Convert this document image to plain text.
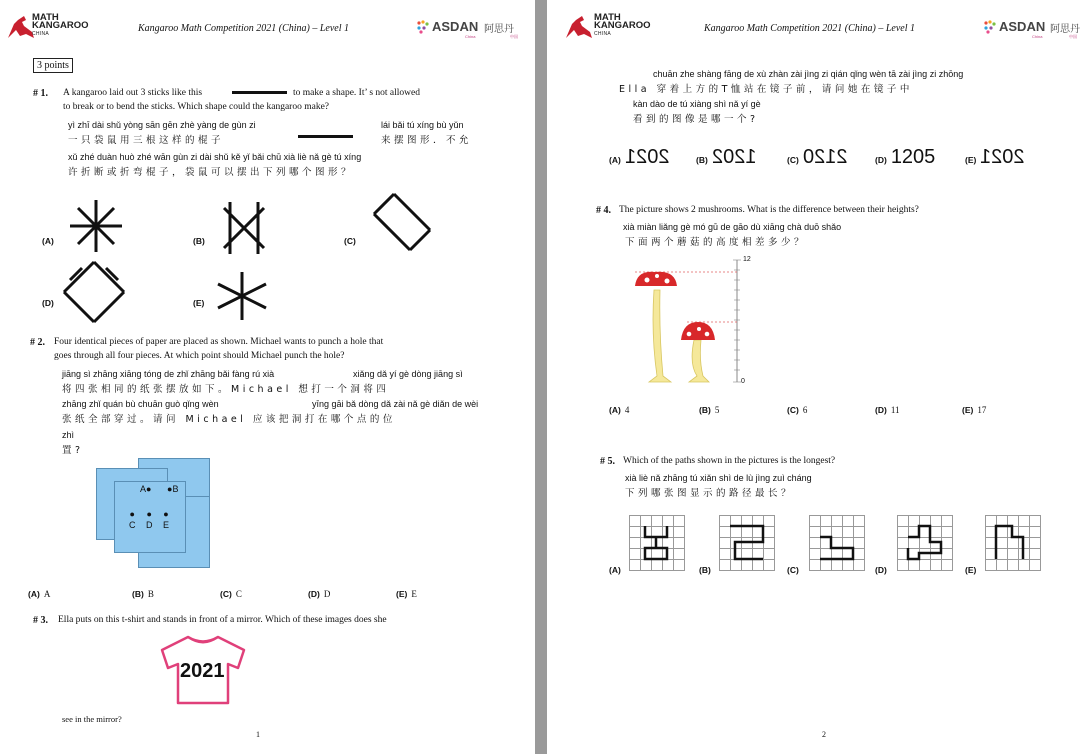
MATH
KANGAROO
CHINA	Kangaroo Math Competition 2021 (China) – Level 1	ASDAN 阿思丹
China	中国
3 points
# 1. A kangaroo laid out 3 sticks like this	to make a shape. It’ s not allowed
to break or to bend the sticks. Which shape could the kangaroo make?
yì zhī dài shǔ yòng sān gēn zhè yàng de gùn zi	lái bǎi tú xíng bù yǔn
一只袋鼠用三根这样的棍子	来摆图形．不允
xǔ zhé duàn huò zhé wān gùn zi dài shǔ kě yǐ bǎi chū xià liè nǎ gè tú xíng
许折断或折弯棍子，袋鼠可以摆出下列哪个图形？
(A)	(B)	(C)
(D)	(E)
# 2. Four identical pieces of paper are placed as shown. Michael wants to punch a hole that
goes through all four pieces. At which point should Michael punch the hole?
jiāng sì zhāng xiāng tóng de zhǐ zhāng bǎi fàng rú xià	xiǎng dǎ yí gè dòng jiāng sì
将四张相同的纸张摆放如下。Michael 想打一个洞将四
zhāng zhǐ quán bù chuān guò qǐng wèn	yīng gāi bǎ dòng dǎ zài nǎ gè diǎn de wèi
张纸全部穿过。请问 Michael 应该把洞打在哪个点的位
zhì
置?
A● ●B
●
C
●
D
●
E
(A) A	(B) B	(C) C	(D) D	(E) E
# 3. Ella puts on this t-shirt and stands in front of a mirror. Which of these images does she
2021
see in the mirror?
1
MATH
KANGAROO
CHINA	Kangaroo Math Competition 2021 (China) – Level 1	ASDAN 阿思丹
China	中国
chuān zhe shàng fāng de xù zhàn zài jìng zi qián qǐng wèn tā zài jìng zi zhōng
Ella 穿着上方的T恤站在镜子前，请问她在镜子中
kàn dào de tú xiàng shì nǎ yí gè
看到的图像是哪一个?
(A) 2021	(B) 1202	(C) 2120	(D) 1205	(E) 2021
# 4. The picture shows 2 mushrooms. What is the difference between their heights?
xià miàn liǎng gè mó gū de gāo dù xiāng chà duō shǎo
下面两个蘑菇的高度相差多少？
12
0
(A) 4	(B) 5	(C) 6	(D) 11	(E) 17
# 5. Which of the paths shown in the pictures is the longest?
xià liè nǎ zhāng tú xiǎn shì de lù jìng zuì cháng
下列哪张图显示的路径最长？
(A)	(B)	(C)	(D)	(E)
2
